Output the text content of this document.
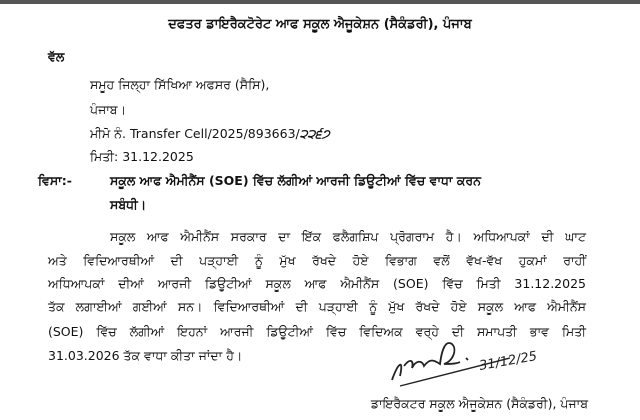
ਦਫਤਰ ਡਾਇਰੈਕਟੋਰੇਟ ਆਫ ਸਕੂਲ ਐਜੂਕੇਸ਼ਨ (ਸੈਕੰਡਰੀ), ਪੰਜਾਬ
ਵੱਲ
ਸਮੂਹ ਜਿਲ੍ਹਾ ਸਿੱਖਿਆ ਅਫਸਰ (ਸੈਸਿ),
ਪੰਜਾਬ।
ਮੀਮੋ ਨੰ. Transfer Cell/2025/893663/੨੨੬੭
ਮਿਤੀ: 31.12.2025
ਵਿਸਾ:-	ਸਕੂਲ ਆਫ ਐਮੀਨੈਂਸ (SOE) ਵਿੱਚ ਲੱਗੀਆਂ ਆਰਜੀ ਡਿਊਟੀਆਂ ਵਿੱਚ ਵਾਧਾ ਕਰਨ
ਸਬੰਧੀ।
ਸਕੂਲ ਆਫ ਐਮੀਨੈਂਸ ਸਰਕਾਰ ਦਾ ਇੱਕ ਫਲੈਗਸ਼ਿਪ ਪ੍ਰੋਗਰਾਮ ਹੈ। ਅਧਿਆਪਕਾਂ ਦੀ ਘਾਟ
ਅਤੇ ਵਿਦਿਆਰਥੀਆਂ ਦੀ ਪੜ੍ਹਾਈ ਨੂੰ ਮੁੱਖ ਰੱਖਦੇ ਹੋਏ ਵਿਭਾਗ ਵਲੋਂ ਵੱਖ-ਵੱਖ ਹੁਕਮਾਂ ਰਾਹੀਂ
ਅਧਿਆਪਕਾਂ ਦੀਆਂ ਆਰਜੀ ਡਿਊਟੀਆਂ ਸਕੂਲ ਆਫ ਐਮੀਨੈਂਸ (SOE) ਵਿੱਚ ਮਿਤੀ 31.12.2025
ਤੱਕ ਲਗਾਈਆਂ ਗਈਆਂ ਸਨ। ਵਿਦਿਆਰਥੀਆਂ ਦੀ ਪੜ੍ਹਾਈ ਨੂੰ ਮੁੱਖ ਰੱਖਦੇ ਹੋਏ ਸਕੂਲ ਆਫ ਐਮੀਨੈਂਸ
(SOE) ਵਿੱਚ ਲੱਗੀਆਂ ਇਹਨਾਂ ਆਰਜੀ ਡਿਊਟੀਆਂ ਵਿੱਚ ਵਿਦਿਅਕ ਵਰ੍ਹੇ ਦੀ ਸਮਾਪਤੀ ਭਾਵ ਮਿਤੀ
31.03.2026 ਤੱਕ ਵਾਧਾ ਕੀਤਾ ਜਾਂਦਾ ਹੈ।	31/12/25
ਡਾਇਰੈਕਟਰ ਸਕੂਲ ਐਜੂਕੇਸ਼ਨ (ਸੈਕੰਡਰੀ), ਪੰਜਾਬ
